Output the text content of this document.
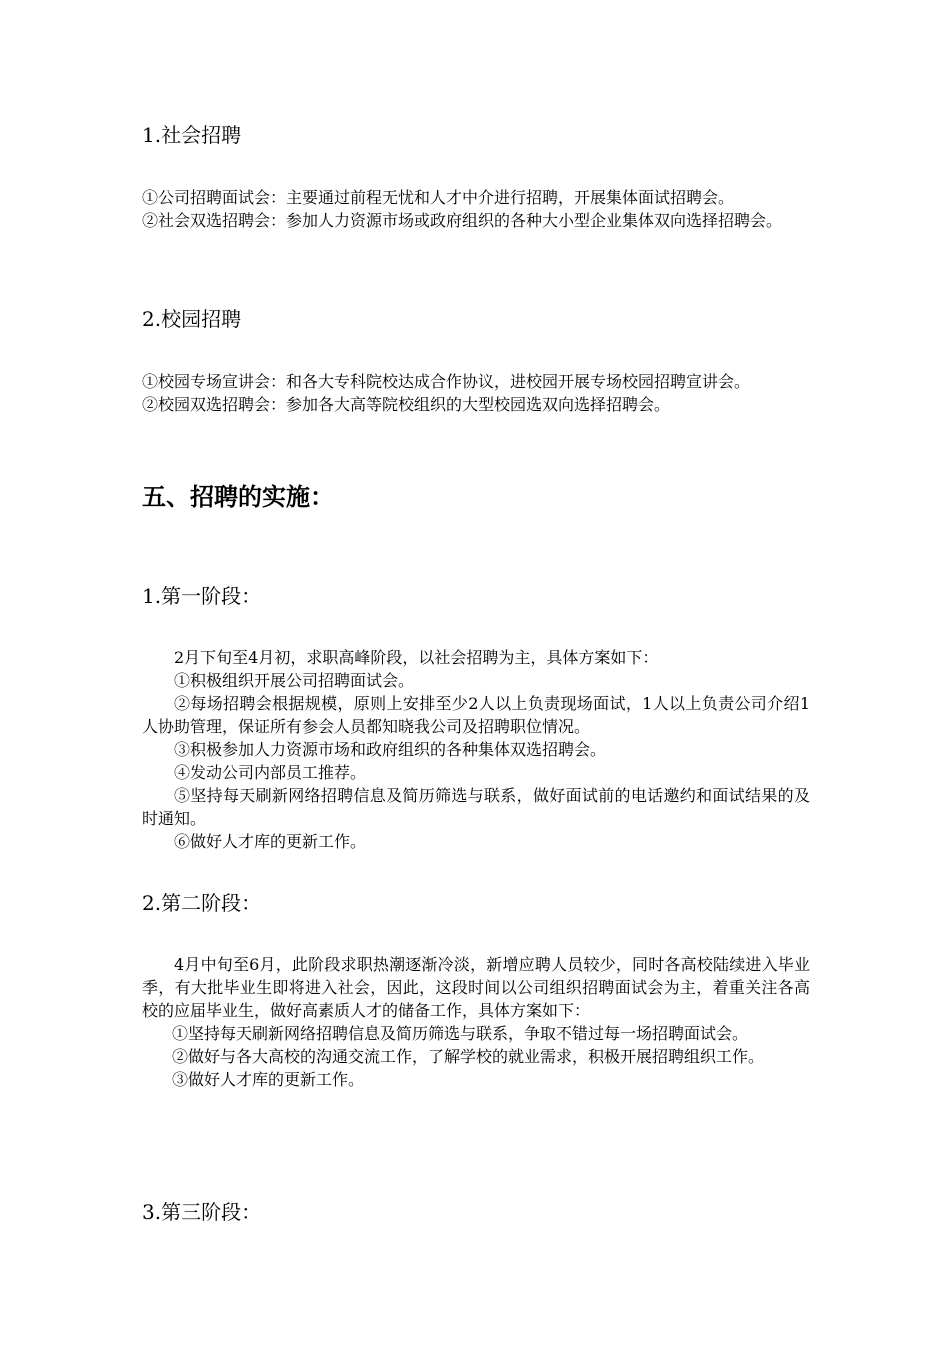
1.社会招聘

①公司招聘面试会：主要通过前程无忧和人才中介进行招聘，开展集体面试招聘会。

②社会双选招聘会：参加人力资源市场或政府组织的各种大小型企业集体双向选择招聘会。

2.校园招聘

①校园专场宣讲会：和各大专科院校达成合作协议，进校园开展专场校园招聘宣讲会。

②校园双选招聘会：参加各大高等院校组织的大型校园选双向选择招聘会。

五、招聘的实施：
1.第一阶段：

2月下旬至4月初，求职高峰阶段，以社会招聘为主，具体方案如下：

①积极组织开展公司招聘面试会。

②每场招聘会根据规模，原则上安排至少2人以上负责现场面试，1人以上负责公司介绍1人协助管理，保证所有参会人员都知晓我公司及招聘职位情况。

③积极参加人力资源市场和政府组织的各种集体双选招聘会。

④发动公司内部员工推荐。

⑤坚持每天刷新网络招聘信息及简历筛选与联系，做好面试前的电话邀约和面试结果的及时通知。

⑥做好人才库的更新工作。

2.第二阶段：

4月中旬至6月，此阶段求职热潮逐渐冷淡，新增应聘人员较少，同时各高校陆续进入毕业季，有大批毕业生即将进入社会，因此，这段时间以公司组织招聘面试会为主，着重关注各高校的应届毕业生，做好高素质人才的储备工作，具体方案如下：

①坚持每天刷新网络招聘信息及简历筛选与联系，争取不错过每一场招聘面试会。

②做好与各大高校的沟通交流工作，了解学校的就业需求，积极开展招聘组织工作。

③做好人才库的更新工作。

3.第三阶段：
